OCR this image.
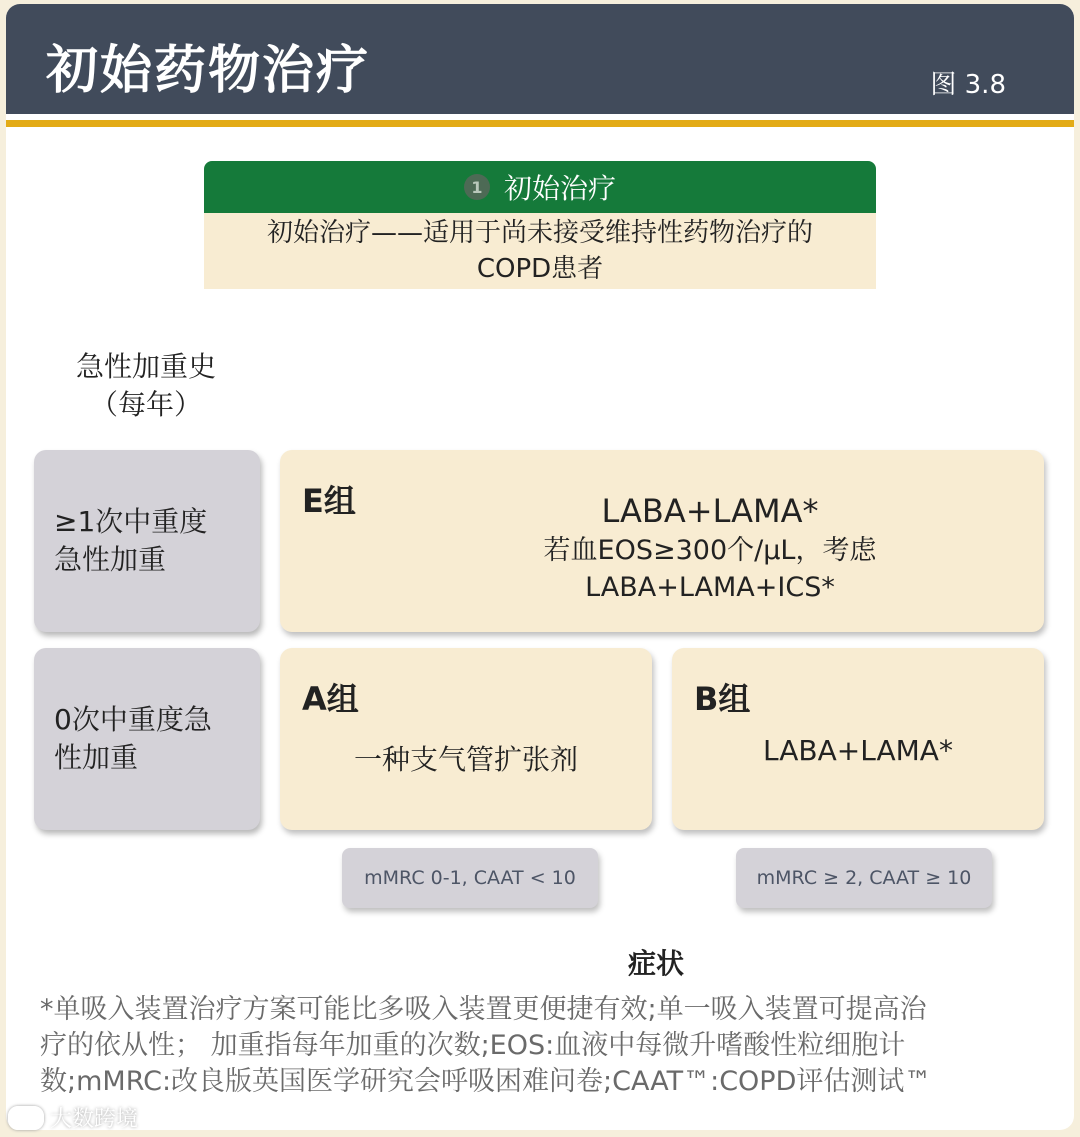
初始药物治疗	图 3.8
1 初始治疗
初始治疗——适用于尚未接受维持性药物治疗的
COPD患者
急性加重史
（每年）
≥1次中重度
急性加重
0次中重度急
性加重
E组	LABA+LAMA*
若血EOS≥300个/μL，考虑
LABA+LAMA+ICS*
A组
一种支气管扩张剂
B组
LABA+LAMA*
mMRC 0-1, CAAT < 10	mMRC ≥ 2, CAAT ≥ 10
症状
*单吸入装置治疗方案可能比多吸入装置更便捷有效;单一吸入装置可提高治
疗的依从性； 加重指每年加重的次数;EOS:血液中每微升嗜酸性粒细胞计
数;mMRC:改良版英国医学研究会呼吸困难问卷;CAAT™:COPD评估测试™
大数跨境
